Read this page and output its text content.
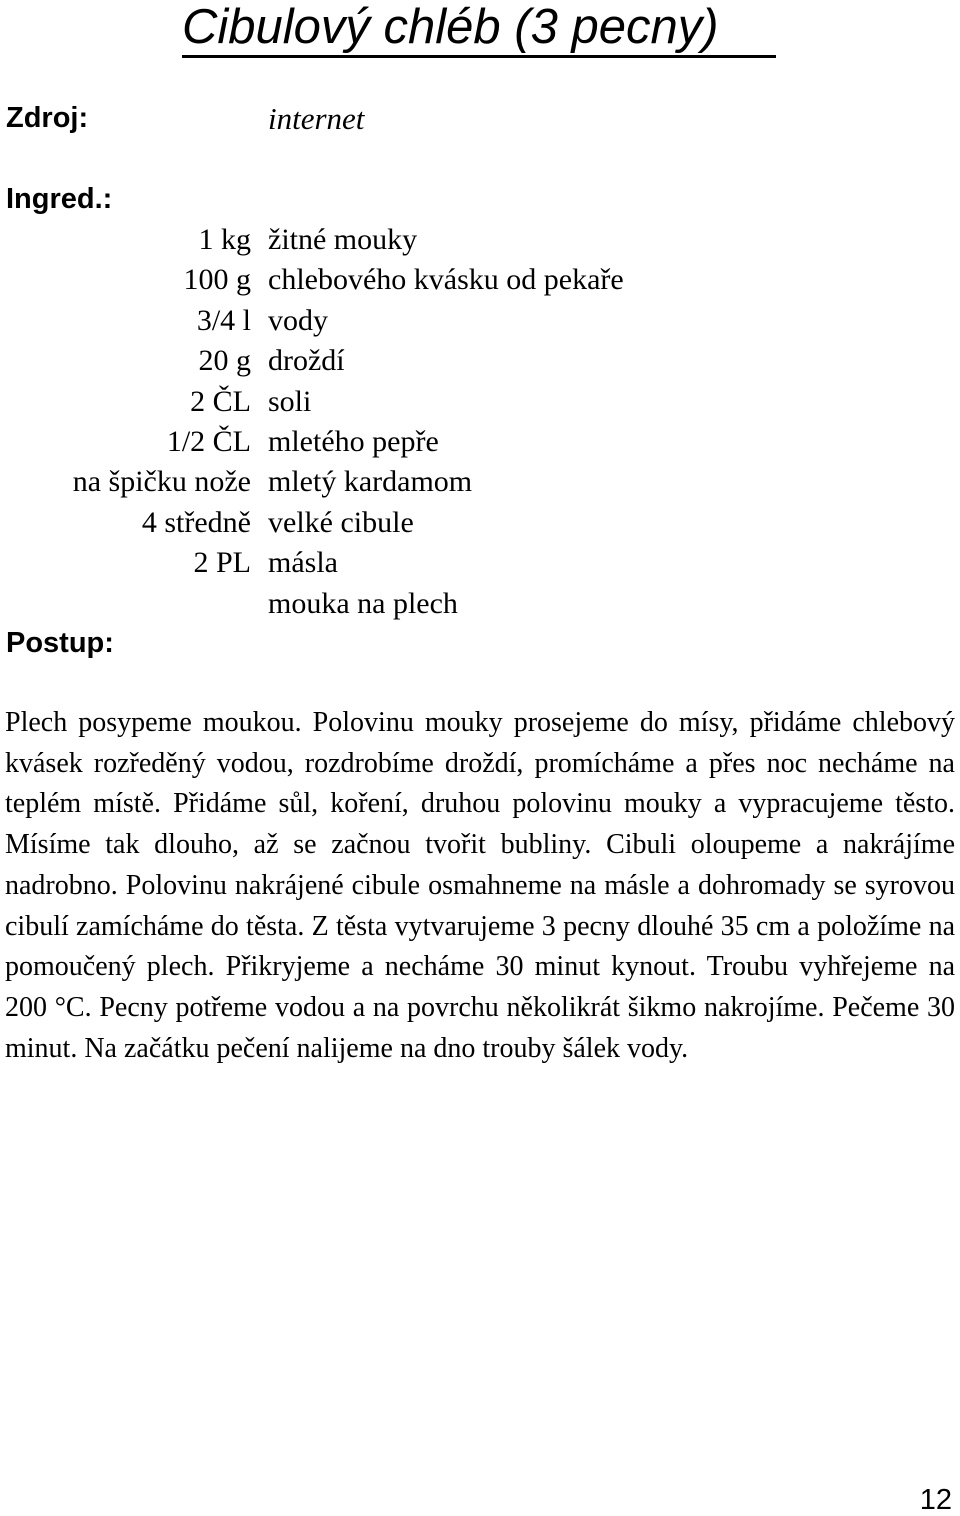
Cibulový chléb (3 pecny)
Zdroj:	internet
Ingred.:
1 kg žitné mouky
100 g chlebového kvásku od pekaře
3/4 l vody
20 g droždí
2 ČL soli
1/2 ČL mletého pepře
na špičku nože mletý kardamom
4 středně velké cibule
2 PL másla
mouka na plech
Postup:

Plech posypeme moukou. Polovinu mouky prosejeme do mísy, přidáme chlebový kvásek rozředěný vodou, rozdrobíme droždí, promícháme a přes noc necháme na teplém místě. Přidáme sůl, koření, druhou polovinu mouky a vypracujeme těsto. Mísíme tak dlouho, až se začnou tvořit bubliny. Cibuli oloupeme a nakrájíme nadrobno. Polovinu nakrájené cibule osmahneme na másle a dohromady se syrovou cibulí zamícháme do těsta. Z těsta vytvarujeme 3 pecny dlouhé 35 cm a položíme na pomoučený plech. Přikryjeme a necháme 30 minut kynout. Troubu vyhřejeme na 200 °C. Pecny potřeme vodou a na povrchu několikrát šikmo nakrojíme. Pečeme 30 minut. Na začátku pečení nalijeme na dno trouby šálek vody.

12
